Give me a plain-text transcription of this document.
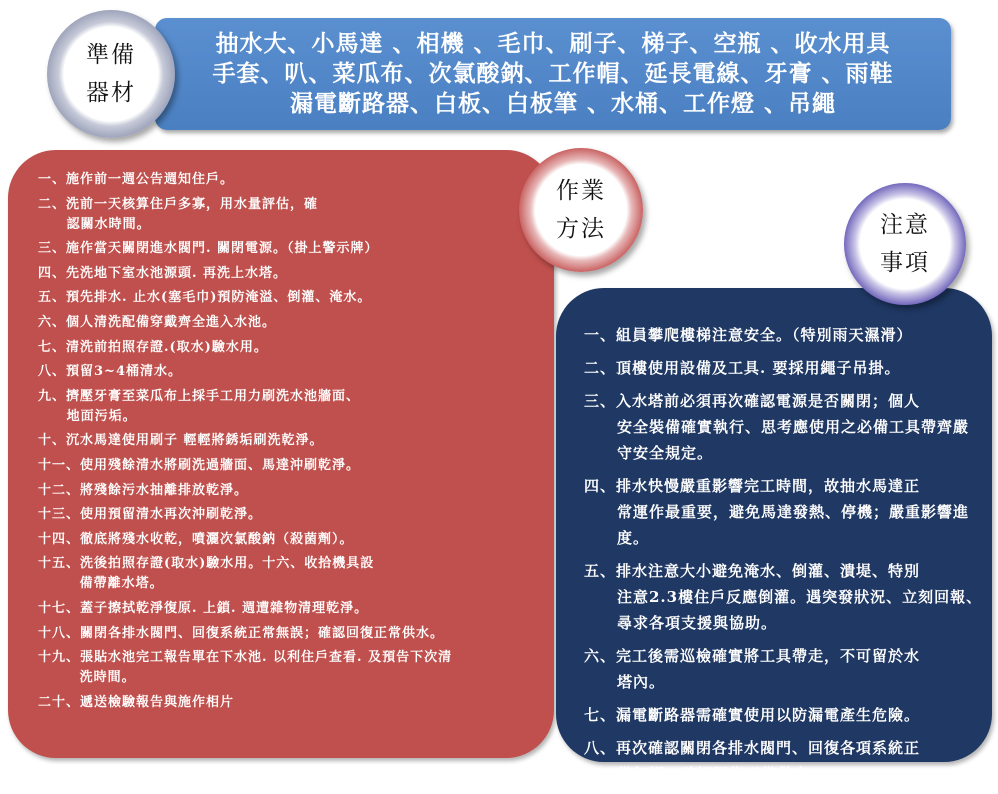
抽水大、小馬達 、相機 、毛巾、刷子、梯子、空瓶 、收水用具
手套、叭、菜瓜布、次氯酸鈉、工作帽、延長電線、牙膏 、雨鞋
漏電斷路器、白板、白板筆 、水桶、工作燈 、吊繩
準備
器材
一、施作前一週公告週知住戶。
二、洗前一天核算住戶多寡，用水量評估，確
認關水時間。
三、施作當天關閉進水閥門. 關閉電源。（掛上警示牌）
四、先洗地下室水池源頭. 再洗上水塔。
五、預先排水. 止水(塞毛巾)預防淹溢、倒灌、淹水。
六、個人清洗配備穿戴齊全進入水池。
七、清洗前拍照存證.(取水)驗水用。
八、預留3~4桶清水。
九、擠壓牙膏至菜瓜布上採手工用力刷洗水池牆面、
地面污垢。
十、沉水馬達使用刷子 輕輕將銹垢刷洗乾淨。
十一、使用殘餘清水將刷洗過牆面、馬達沖刷乾淨。
十二、將殘餘污水抽離排放乾淨。
十三、使用預留清水再次沖刷乾淨。
十四、徹底將殘水收乾，噴灑次氯酸鈉（殺菌劑）。
十五、洗後拍照存證(取水)驗水用。十六、收拾機具設
備帶離水塔。
十七、蓋子擦拭乾淨復原. 上鎖. 週遭雜物清理乾淨。
十八、關閉各排水閥門、回復系統正常無誤；確認回復正常供水。
十九、張貼水池完工報告單在下水池. 以利住戶查看. 及預告下次清
洗時間。
二十、遞送檢驗報告與施作相片
作業
方法
一、組員攀爬樓梯注意安全。（特別雨天濕滑）
二、頂樓使用設備及工具. 要採用繩子吊掛。
三、入水塔前必須再次確認電源是否關閉；個人
安全裝備確實執行、思考應使用之必備工具帶齊嚴守安全規定。
四、排水快慢嚴重影響完工時間，故抽水馬達正
常運作最重要，避免馬達發熱、停機；嚴重影響進度。
五、排水注意大小避免淹水、倒灌、潰堤、特別
注意2.3樓住戶反應倒灌。遇突發狀況、立刻回報、尋求各項支援與協助。
六、完工後需巡檢確實將工具帶走，不可留於水
塔內。
七、漏電斷路器需確實使用以防漏電產生危險。
八、再次確認關閉各排水閥門、回復各項系統正
常無誤；確認回復正常供水。
注意
事項
